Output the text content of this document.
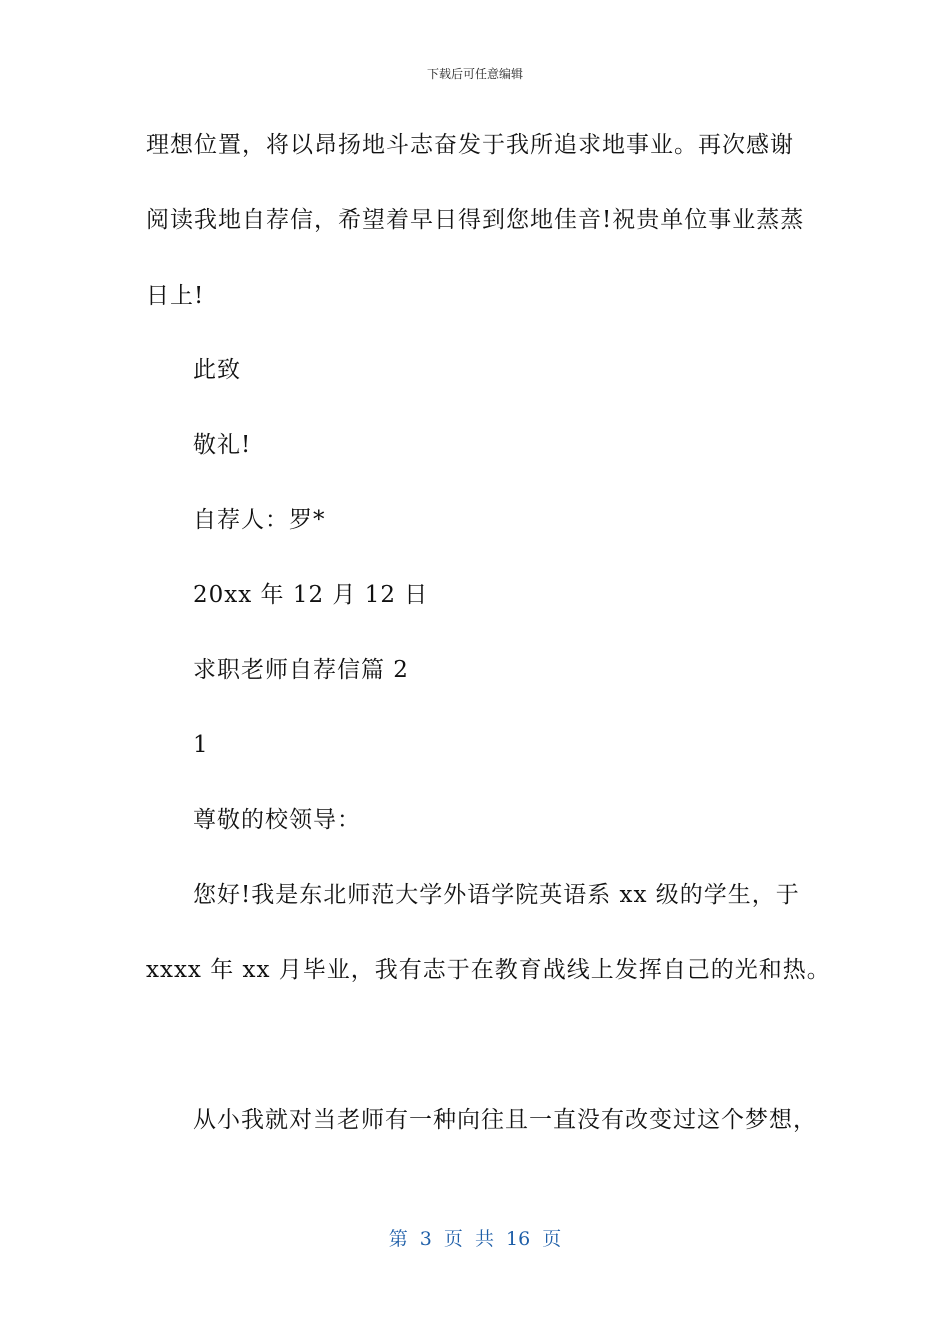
下载后可任意编辑
理想位置，将以昂扬地斗志奋发于我所追求地事业。再次感谢
阅读我地自荐信，希望着早日得到您地佳音!祝贵单位事业蒸蒸
日上!
此致
敬礼!
自荐人：罗*
20xx 年 12 月 12 日
求职老师自荐信篇 2
1
尊敬的校领导：
您好!我是东北师范大学外语学院英语系 xx 级的学生，于
xxxx 年 xx 月毕业，我有志于在教育战线上发挥自己的光和热。
从小我就对当老师有一种向往且一直没有改变过这个梦想，
第 3 页 共 16 页
